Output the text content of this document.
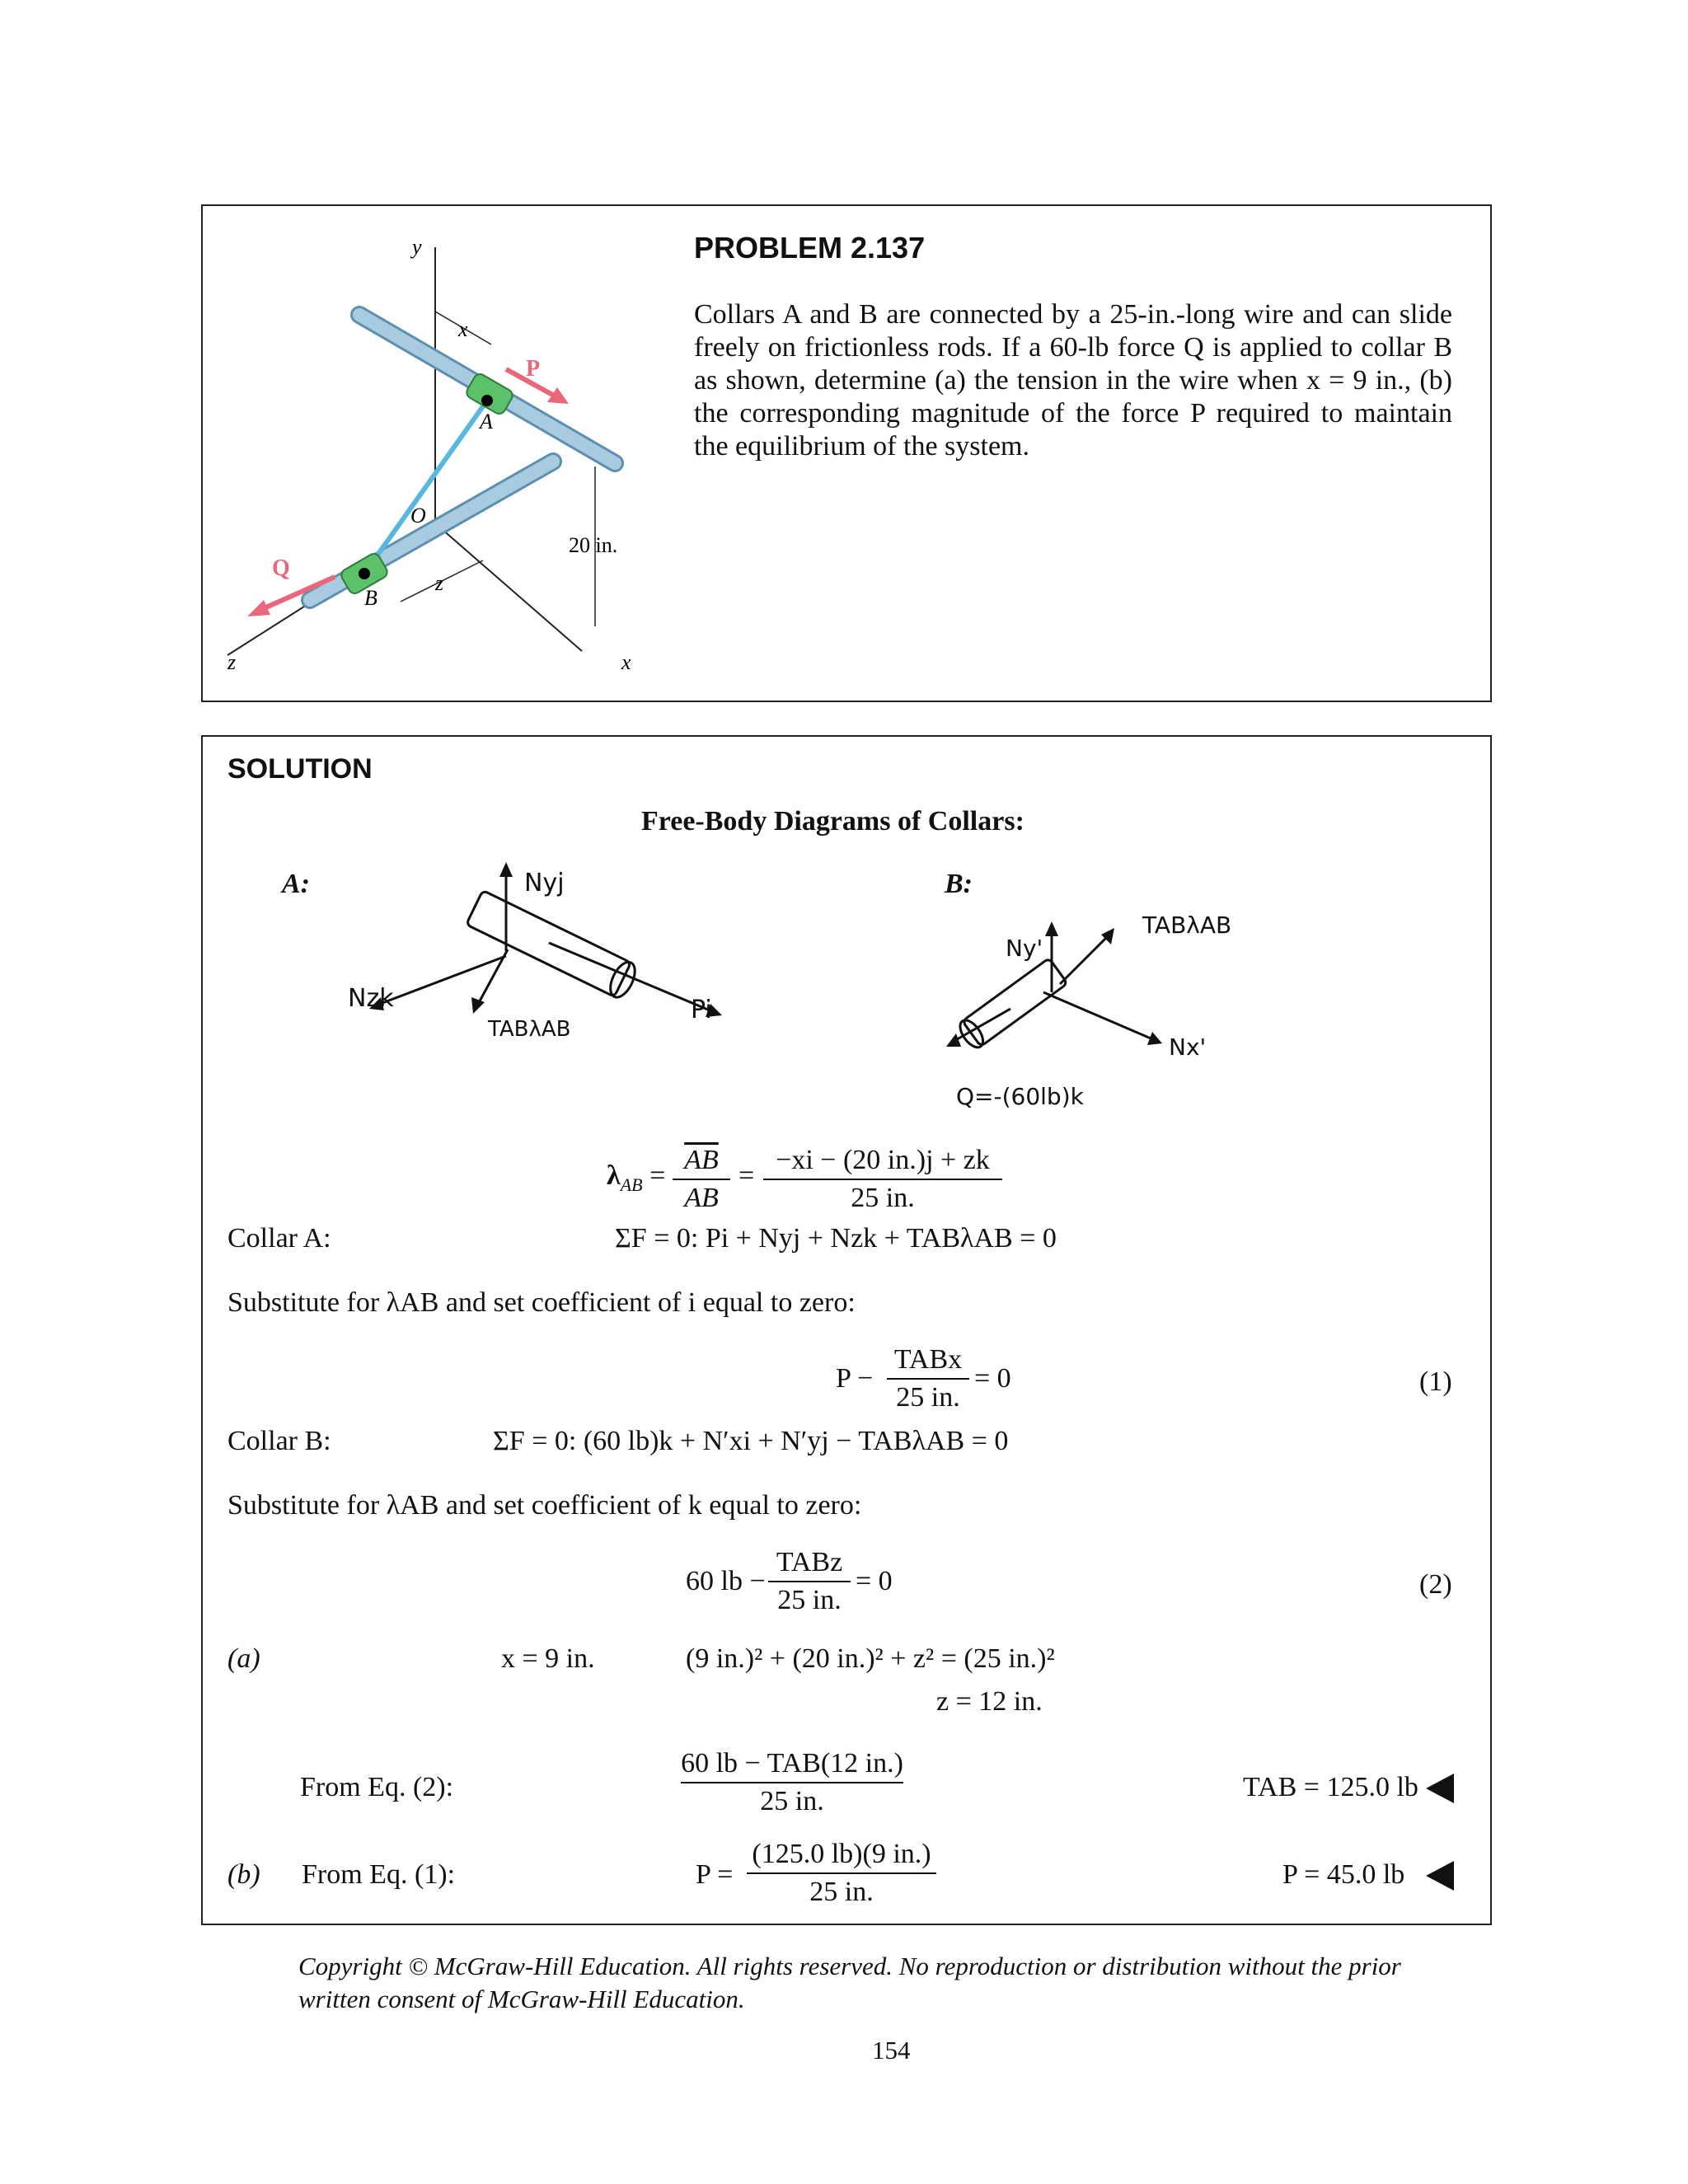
y
x
P
A
O
Q
B
z
20 in.
z	x
PROBLEM 2.137
Collars A and B are connected by a 25-in.-long wire and can slide freely on frictionless rods. If a 60-lb force Q is applied to collar B as shown, determine (a) the tension in the wire when x = 9 in., (b) the corresponding magnitude of the force P required to maintain the equilibrium of the system.
SOLUTION
Free-Body Diagrams of Collars:
A:	B:
Nyj
Nzk
TABλAB
Pi
Ny'
TABλAB
Nx'
Q=-(60lb)k
$\lambda_{AB}$ =
$\overline{AB}$
AB
=
−xi − (20 in.)j + zk
25 in.
Collar A:	ΣF = 0: Pi + Nyj + Nzk + TABλAB = 0
Substitute for λAB and set coefficient of i equal to zero:
P −
TABx
25 in.
= 0	(1)
Collar B:	ΣF = 0: (60 lb)k + N′xi + N′yj − TABλAB = 0
Substitute for λAB and set coefficient of k equal to zero:
60 lb −
TABz
25 in.
= 0	(2)
(a)	x = 9 in.	(9 in.)² + (20 in.)² + z² = (25 in.)²
z = 12 in.
From Eq. (2):
60 lb − TAB(12 in.)
25 in.	TAB = 125.0 lb
(b) From Eq. (1):	P =
(125.0 lb)(9 in.)
25 in.
P = 45.0 lb
Copyright © McGraw-Hill Education. All rights reserved. No reproduction or distribution without the prior written consent of McGraw-Hill Education.
154
